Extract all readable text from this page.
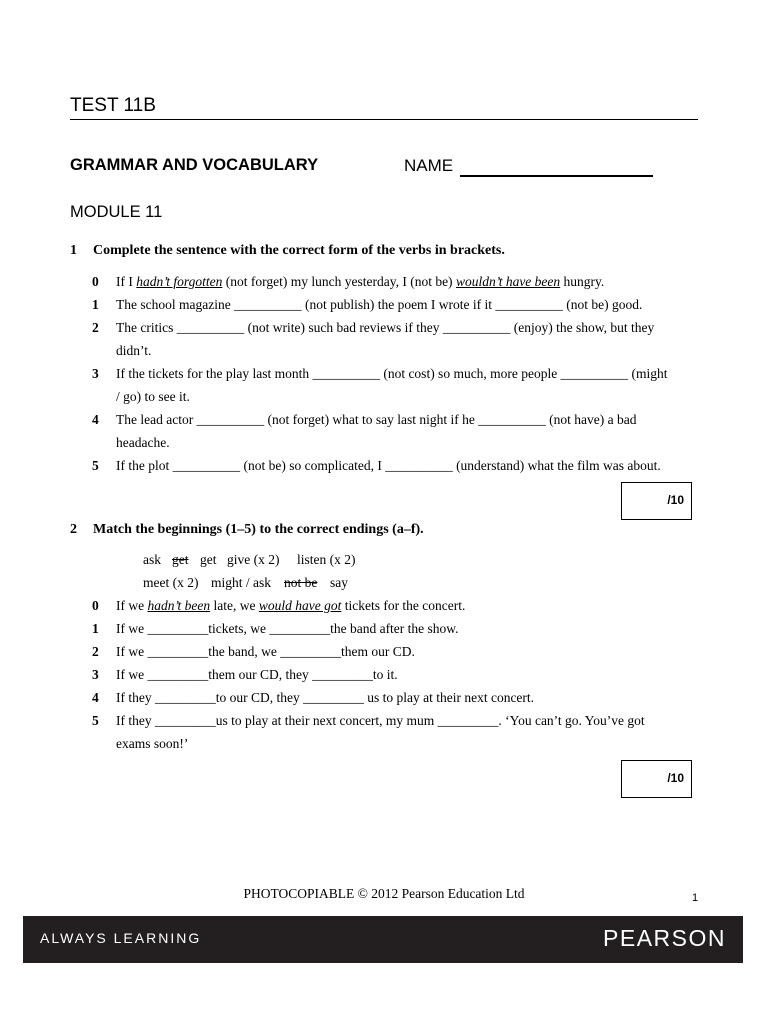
TEST 11B
GRAMMAR AND VOCABULARY	NAME
MODULE 11
1 Complete the sentence with the correct form of the verbs in brackets.
0 If I hadn’t forgotten (not forget) my lunch yesterday, I (not be) wouldn’t have been hungry.
1 The school magazine __________ (not publish) the poem I wrote if it __________ (not be) good.
2 The critics __________ (not write) such bad reviews if they __________ (enjoy) the show, but they
didn’t.
3 If the tickets for the play last month __________ (not cost) so much, more people __________ (might
/ go) to see it.
4 The lead actor __________ (not forget) what to say last night if he __________ (not have) a bad
headache.
5 If the plot __________ (not be) so complicated, I __________ (understand) what the film was about.
/10
2 Match the beginnings (1–5) to the correct endings (a–f).
ask get get give (x 2) listen (x 2)
meet (x 2) might / ask not be say
0 If we hadn’t been late, we would have got tickets for the concert.
1 If we _________tickets, we _________the band after the show.
2 If we _________the band, we _________them our CD.
3 If we _________them our CD, they _________to it.
4 If they _________to our CD, they _________ us to play at their next concert.
5 If they _________us to play at their next concert, my mum _________. ‘You can’t go. You’ve got
exams soon!’
/10
PHOTOCOPIABLE © 2012 Pearson Education Ltd	1
ALWAYS LEARNING	PEARSON
